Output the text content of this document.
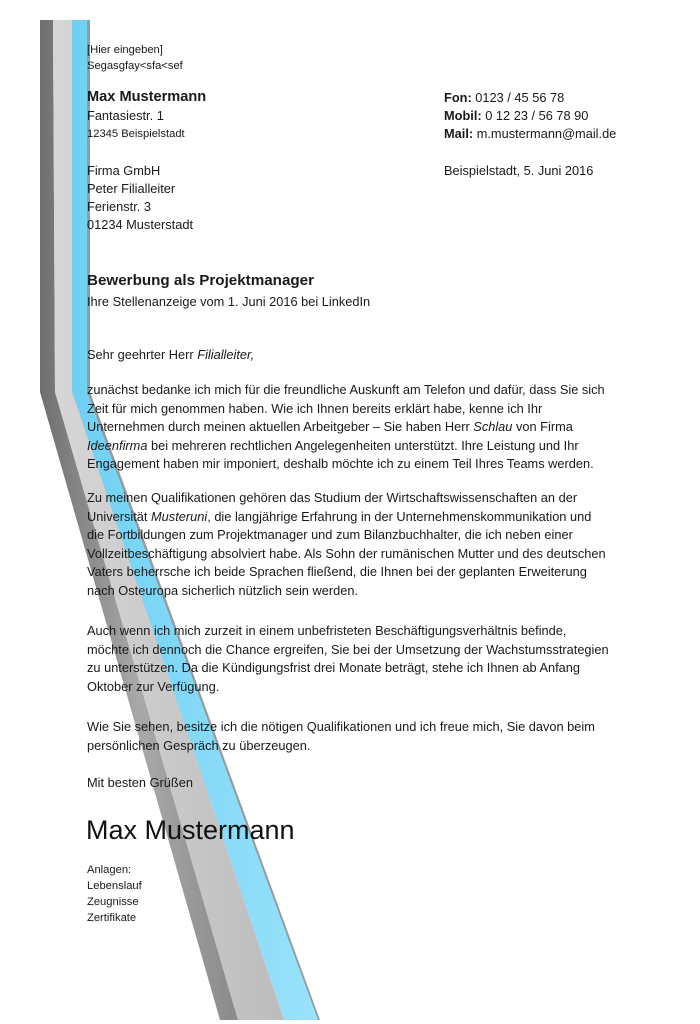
[Hier eingeben]
Segasgfay<sfa<sef
Max Mustermann
Fantasiestr. 1
12345 Beispielstadt
Fon: 0123 / 45 56 78
Mobil: 0 12 23 / 56 78 90
Mail: m.mustermann@mail.de
Firma GmbH
Peter Filialleiter
Ferienstr. 3
01234 Musterstadt
Beispielstadt, 5. Juni 2016
Bewerbung als Projektmanager
Ihre Stellenanzeige vom 1. Juni 2016 bei LinkedIn
Sehr geehrter Herr Filialleiter,
zunächst bedanke ich mich für die freundliche Auskunft am Telefon und dafür, dass Sie sich
Zeit für mich genommen haben. Wie ich Ihnen bereits erklärt habe, kenne ich Ihr
Unternehmen durch meinen aktuellen Arbeitgeber – Sie haben Herr Schlau von Firma
Ideenfirma bei mehreren rechtlichen Angelegenheiten unterstützt. Ihre Leistung und Ihr
Engagement haben mir imponiert, deshalb möchte ich zu einem Teil Ihres Teams werden.
Zu meinen Qualifikationen gehören das Studium der Wirtschaftswissenschaften an der
Universität Musteruni, die langjährige Erfahrung in der Unternehmenskommunikation und
die Fortbildungen zum Projektmanager und zum Bilanzbuchhalter, die ich neben einer
Vollzeitbeschäftigung absolviert habe. Als Sohn der rumänischen Mutter und des deutschen
Vaters beherrsche ich beide Sprachen fließend, die Ihnen bei der geplanten Erweiterung
nach Osteuropa sicherlich nützlich sein werden.
Auch wenn ich mich zurzeit in einem unbefristeten Beschäftigungsverhältnis befinde,
möchte ich dennoch die Chance ergreifen, Sie bei der Umsetzung der Wachstumsstrategien
zu unterstützen. Da die Kündigungsfrist drei Monate beträgt, stehe ich Ihnen ab Anfang
Oktober zur Verfügung.
Wie Sie sehen, besitze ich die nötigen Qualifikationen und ich freue mich, Sie davon beim
persönlichen Gespräch zu überzeugen.
Mit besten Grüßen
Max Mustermann
Anlagen:
Lebenslauf
Zeugnisse
Zertifikate
